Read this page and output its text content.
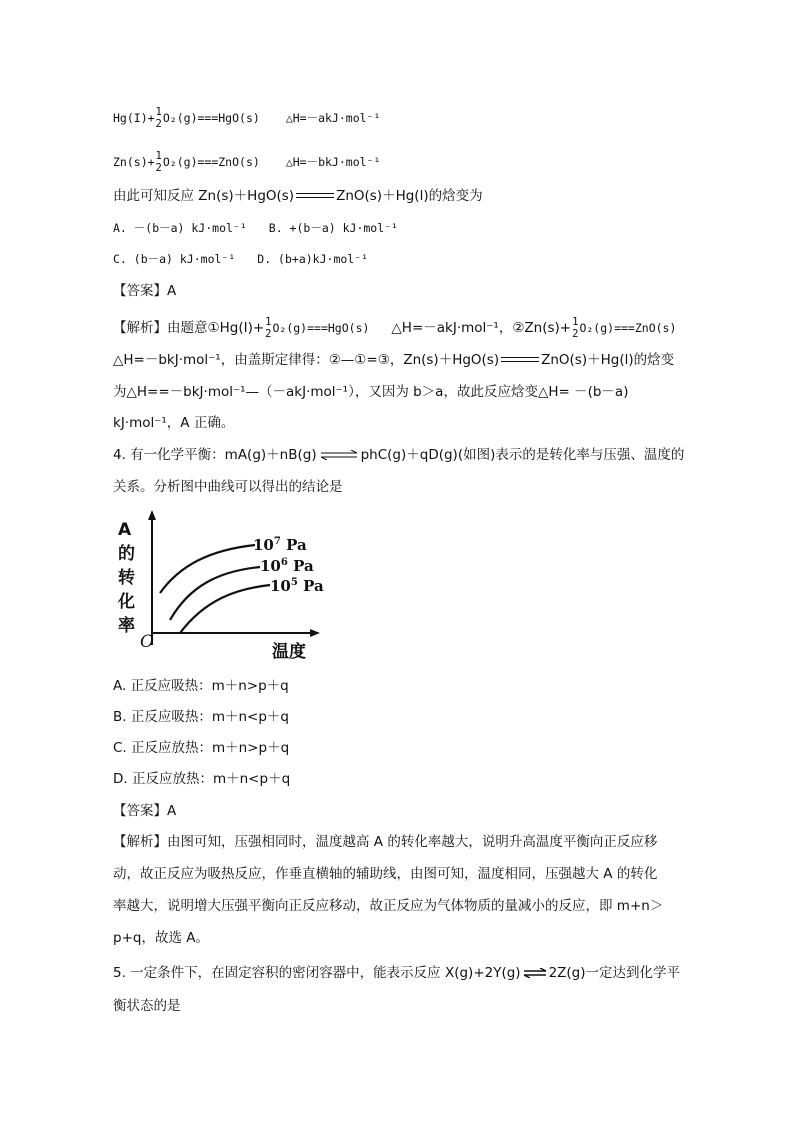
Hg(I)+ 1
2 O₂(g)===HgO(s) △H=－akJ·mol⁻¹
Zn(s)+ 1
2 O₂(g)===ZnO(s) △H=－bkJ·mol⁻¹
由此可知反应 Zn(s)＋HgO(s)	ZnO(s)＋Hg(l)的焓变为
A. －(b－a) kJ·mol⁻¹ B. +(b－a) kJ·mol⁻¹
C. (b－a) kJ·mol⁻¹ D. (b+a)kJ·mol⁻¹
【答案】A
【解析】由题意①Hg(I)+ 1
2 O₂(g)===HgO(s) △H=－akJ·mol⁻¹，②Zn(s)+ 1
2 O₂(g)===ZnO(s)
△H=－bkJ·mol⁻¹，由盖斯定律得：②—①=③，Zn(s)＋HgO(s)	ZnO(s)＋Hg(l)的焓变
为△H==－bkJ·mol⁻¹—（－akJ·mol⁻¹），又因为 b＞a，故此反应焓变△H= －(b－a)
kJ·mol⁻¹，A 正确。
4. 有一化学平衡：mA(g)＋nB(g) ⇌ phC(g)＋qD(g)(如图)表示的是转化率与压强、温度的
关系。分析图中曲线可以得出的结论是
A 的转化率
O	温度
$10^7$ Pa
$10^6$ Pa
$10^5$ Pa
A. 正反应吸热：m＋n>p＋q
B. 正反应吸热：m＋n<p＋q
C. 正反应放热：m＋n>p＋q
D. 正反应放热：m＋n<p＋q
【答案】A
【解析】由图可知，压强相同时，温度越高 A 的转化率越大，说明升高温度平衡向正反应移
动，故正反应为吸热反应，作垂直横轴的辅助线，由图可知，温度相同，压强越大 A 的转化
率越大，说明增大压强平衡向正反应移动，故正反应为气体物质的量减小的反应，即 m+n＞
p+q，故选 A。
5. 一定条件下，在固定容积的密闭容器中，能表示反应 X(g)+2Y(g) ⇌ 2Z(g)一定达到化学平
衡状态的是
